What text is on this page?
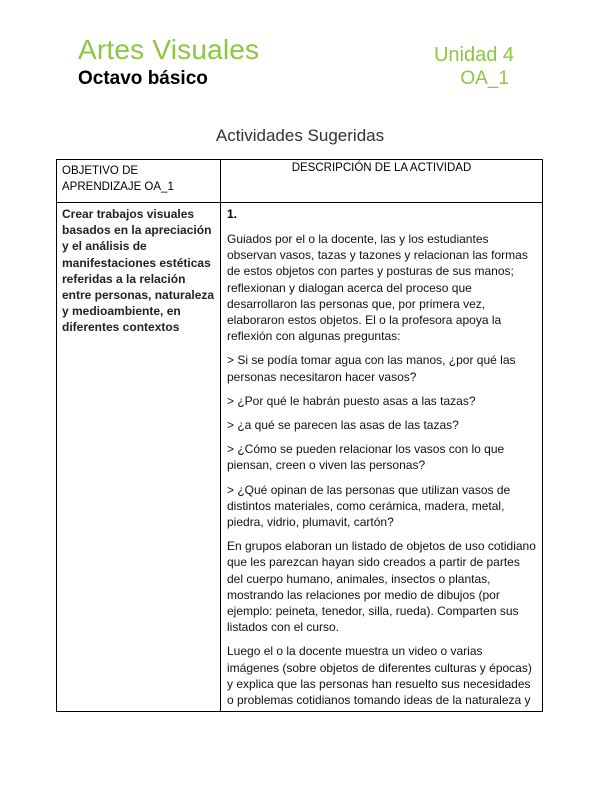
Artes Visuales	Unidad 4
Octavo básico	OA_1
Actividades Sugeridas
OBJETIVO DE APRENDIZAJE OA_1
DESCRIPCIÓN DE LA ACTIVIDAD
Crear trabajos visuales basados en la apreciación y el análisis de manifestaciones estéticas referidas a la relación entre personas, naturaleza y medioambiente, en diferentes contextos
1.

Guiados por el o la docente, las y los estudiantes observan vasos, tazas y tazones y relacionan las formas de estos objetos con partes y posturas de sus manos; reflexionan y dialogan acerca del proceso que desarrollaron las personas que, por primera vez, elaboraron estos objetos. El o la profesora apoya la reflexión con algunas preguntas:

> Si se podía tomar agua con las manos, ¿por qué las personas necesitaron hacer vasos?

> ¿Por qué le habrán puesto asas a las tazas?

> ¿a qué se parecen las asas de las tazas?

> ¿Cómo se pueden relacionar los vasos con lo que piensan, creen o viven las personas?

> ¿Qué opinan de las personas que utilizan vasos de distintos materiales, como cerámica, madera, metal, piedra, vidrio, plumavit, cartón?

En grupos elaboran un listado de objetos de uso cotidiano que les parezcan hayan sido creados a partir de partes del cuerpo humano, animales, insectos o plantas, mostrando las relaciones por medio de dibujos (por ejemplo: peineta, tenedor, silla, rueda). Comparten sus listados con el curso.

Luego el o la docente muestra un video o varias imágenes (sobre objetos de diferentes culturas y épocas) y explica que las personas han resuelto sus necesidades o problemas cotidianos tomando ideas de la naturaleza y
